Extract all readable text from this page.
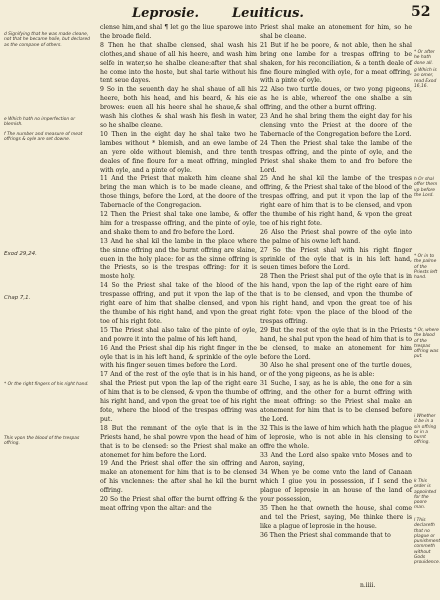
Leprosie.	Leuiticus.	52
d Signifying that he was made cleane, not that he became holie, but declared as the compane of others.
e Which hath no imperfection or blemish.
f The number and measure of meat offrings & oyle are set downe.
Exod 29,24.
Chap 7,1.
* Or the right fingers of his right hand.
This vpon the blood of the trespas offring.

clense him,and shal ¶ let go the liue sparowe into the broade field.

8 Then he that shalbe clensed, shal wash his clothes,and shaue of all his heere, and wash him selfe in water,so he shalbe cleane:after that shal he come into the hoste, but shal tarie without his tent seue dayes.

9 So in the seuenth day he shal shaue of all his heere, both his head, and his beard, & his eie browes: euen all his heere shal he shaue,& shal wash his clothes & shal wash his flesh in water, so he shalbe cleane.

10 Then in the eight day he shal take two he lambes without * blemish, and an ewe lambe of an yere olde without blemish, and thre tenth deales of fine floure for a meat offring, mingled with oyle, and a pinte of oyle.

11 And the Priest that maketh him cleane shal bring the man which is to be made cleane, and those things, before the Lord, at the doore of the Tabernacle of the Congregacion.

12 Then the Priest shal take one lambe, & offer him for a trespasse offring, and the pinte of oyle, and shake them to and fro before the Lord.

13 And he shal kil the lambe in the place where the sinne offring and the burnt offring are slaine, euen in the holy place: for as the sinne offring is the Priests, so is the trespas offring: for it is moste holy.

14 So the Priest shal take of the blood of the trespasse offring, and put it vpon the lap of the right eare of him that shalbe clensed, and vpon the thumbe of his right hand, and vpon the great toe of his right fote.

15 The Priest shal also take of the pinte of oyle, and powre it into the palme of his left hand,

16 And the Priest shal dip his right finger in the oyle that is in his left hand, & sprinkle of the oyle with his finger seuen times before the Lord.

17 And of the rest of the oyle that is in his hand, shal the Priest put vpon the lap of the right eare of him that is to be clensed, & vpon the thumbe of his right hand, and vpon the great toe of his right fote, where the blood of the trespas offring was put.

18 But the remnant of the oyle that is in the Priests hand, he shal powre vpon the head of him that is to be clensed: so the Priest shal make an atonemet for him before the Lord.

19 And the Priest shal offer the sin offring and make an atonement for him that is to be clensed of his vnclennes: the after shal he kil the burnt offring.

20 So the Priest shal offer the burnt offring & the meat offring vpon the altar: and the

Priest shal make an atonement for him, so he shal be cleane.

21 But if he be poore, & not able, then he shal bring one lambe for a trespas offring to be shaken, for his reconciliation, & a tenth deale of fine floure mingled with oyle, for a meat offring, with a pinte of oyle.

22 Also two turtle doues, or two yong pigeons, as he is able, whereof the one shalbe a sin offring, and the other a burnt offring.

23 And he shal bring them the eight day for his clensing vnto the Priest at the doore of the Tabernacle of the Congregation before the Lord.

24 Then the Priest shal take the lambe of the trespas offring, and the pinte of oyle, and the Priest shal shake them to and fro before the Lord.

25 And he shal kil the lambe of the trespas offring, & the Priest shal take of the blood of the trespas offring, and put it vpon the lap of the right eare of him that is to be clensed, and vpon the thumbe of his right hand, & vpon the great toe of his right fote.

26 Also the Priest shal powre of the oyle into the palme of his owne left hand.

27 So the Priest shal with his right finger sprinkle of the oyle that is in his left hand, seuen times before the Lord.

28 Then the Priest shal put of the oyle that is in his hand, vpon the lap of the right eare of him that is to be clensed, and vpon the thumbe of his right hand, and vpon the great toe of his right fote: vpon the place of the blood of the trespas offring.

29 But the rest of the oyle that is in the Priests hand, he shal put vpon the head of him that is to be clensed, to make an atonement for him before the Lord.

30 Also he shal present one of the turtle doues, or of the yong pigeons, as he is able:

31 Suche, I say, as he is able, the one for a sin offring, and the other for a burnt offring with the meat offring: so the Priest shal make an atonement for him that is to be clensed before the Lord.

32 This is the lawe of him which hath the plague of leprosie, who is not able in his clensing to offre the whole.

33 And the Lord also spake vnto Moses and to Aaron, saying,

34 When ye be come vnto the land of Canaan which I giue you in possession, if I send the plague of leprosie in an house of the land of your possession,

35 Then he that owneth the house, shal come and tel the Priest, saying, Me thinke there is like a plague of leprosie in the house.

36 Then the Priest shal commande that to

* Or after he hath done all.
g Which is an omer, read Exod 16,16.
h Or shal offer them vp before the Lord.
* Or in to the palme of the Priests left hand.
* Or, where the blood of the trespas offring was put.
i Whether it be in a sin offring or in a burnt offring.
k This order is appointed for the poore man.
l This declareth that no plague or punishment commeth without Gods prouidence.
n.iiii.
